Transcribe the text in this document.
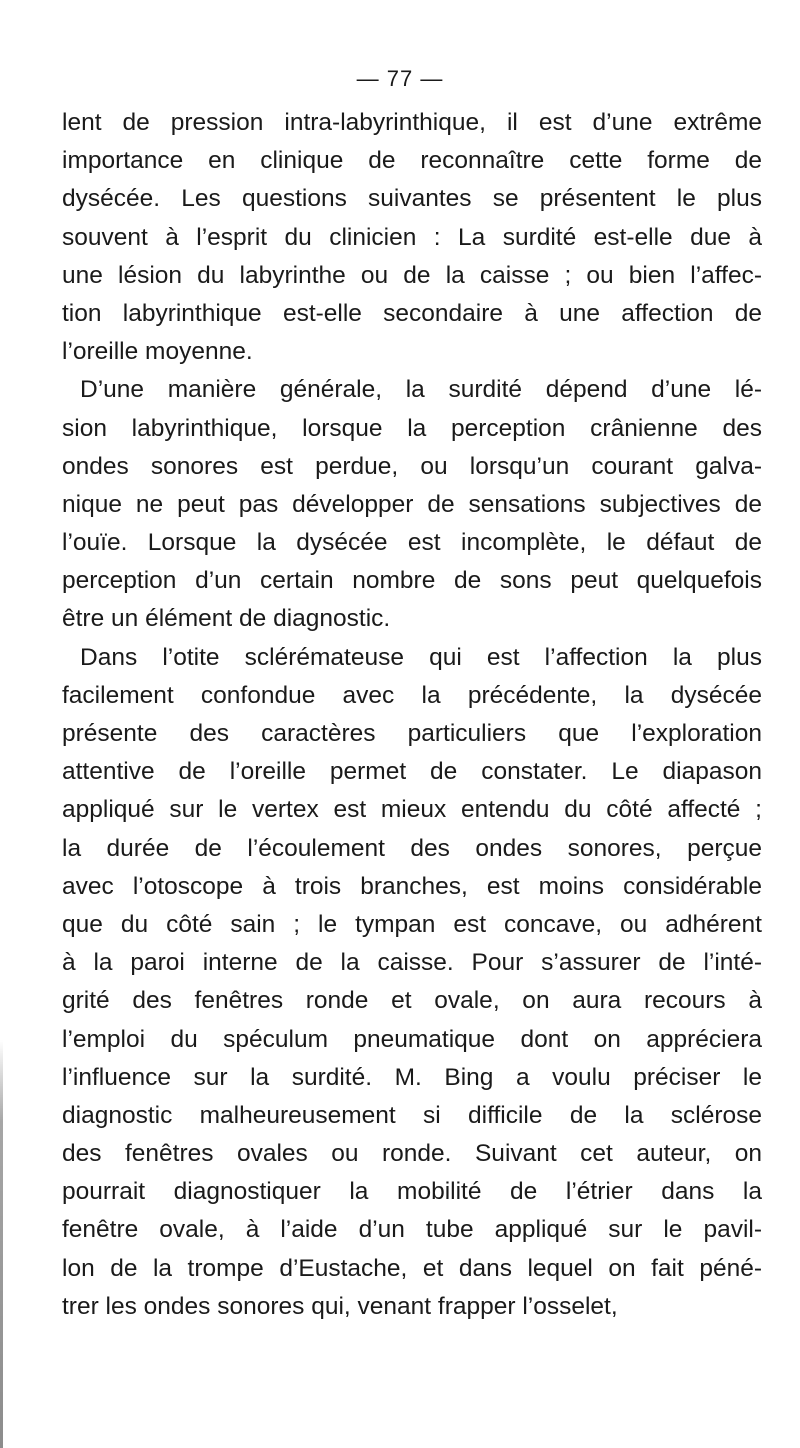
— 77 —
lent de pression intra-labyrinthique, il est d’une extrême
importance en clinique de reconnaître cette forme de
dysécée. Les questions suivantes se présentent le plus
souvent à l’esprit du clinicien : La surdité est-elle due à
une lésion du labyrinthe ou de la caisse ; ou bien l’affec-
tion labyrinthique est-elle secondaire à une affection de
l’oreille moyenne.
D’une manière générale, la surdité dépend d’une lé-
sion labyrinthique, lorsque la perception crânienne des
ondes sonores est perdue, ou lorsqu’un courant galva-
nique ne peut pas développer de sensations subjectives de
l’ouïe. Lorsque la dysécée est incomplète, le défaut de
perception d’un certain nombre de sons peut quelquefois
être un élément de diagnostic.
Dans l’otite sclérémateuse qui est l’affection la plus
facilement confondue avec la précédente, la dysécée
présente des caractères particuliers que l’exploration
attentive de l’oreille permet de constater. Le diapason
appliqué sur le vertex est mieux entendu du côté affecté ;
la durée de l’écoulement des ondes sonores, perçue
avec l’otoscope à trois branches, est moins considérable
que du côté sain ; le tympan est concave, ou adhérent
à la paroi interne de la caisse. Pour s’assurer de l’inté-
grité des fenêtres ronde et ovale, on aura recours à
l’emploi du spéculum pneumatique dont on appréciera
l’influence sur la surdité. M. Bing a voulu préciser le
diagnostic malheureusement si difficile de la sclérose
des fenêtres ovales ou ronde. Suivant cet auteur, on
pourrait diagnostiquer la mobilité de l’étrier dans la
fenêtre ovale, à l’aide d’un tube appliqué sur le pavil-
lon de la trompe d’Eustache, et dans lequel on fait péné-
trer les ondes sonores qui, venant frapper l’osselet,
